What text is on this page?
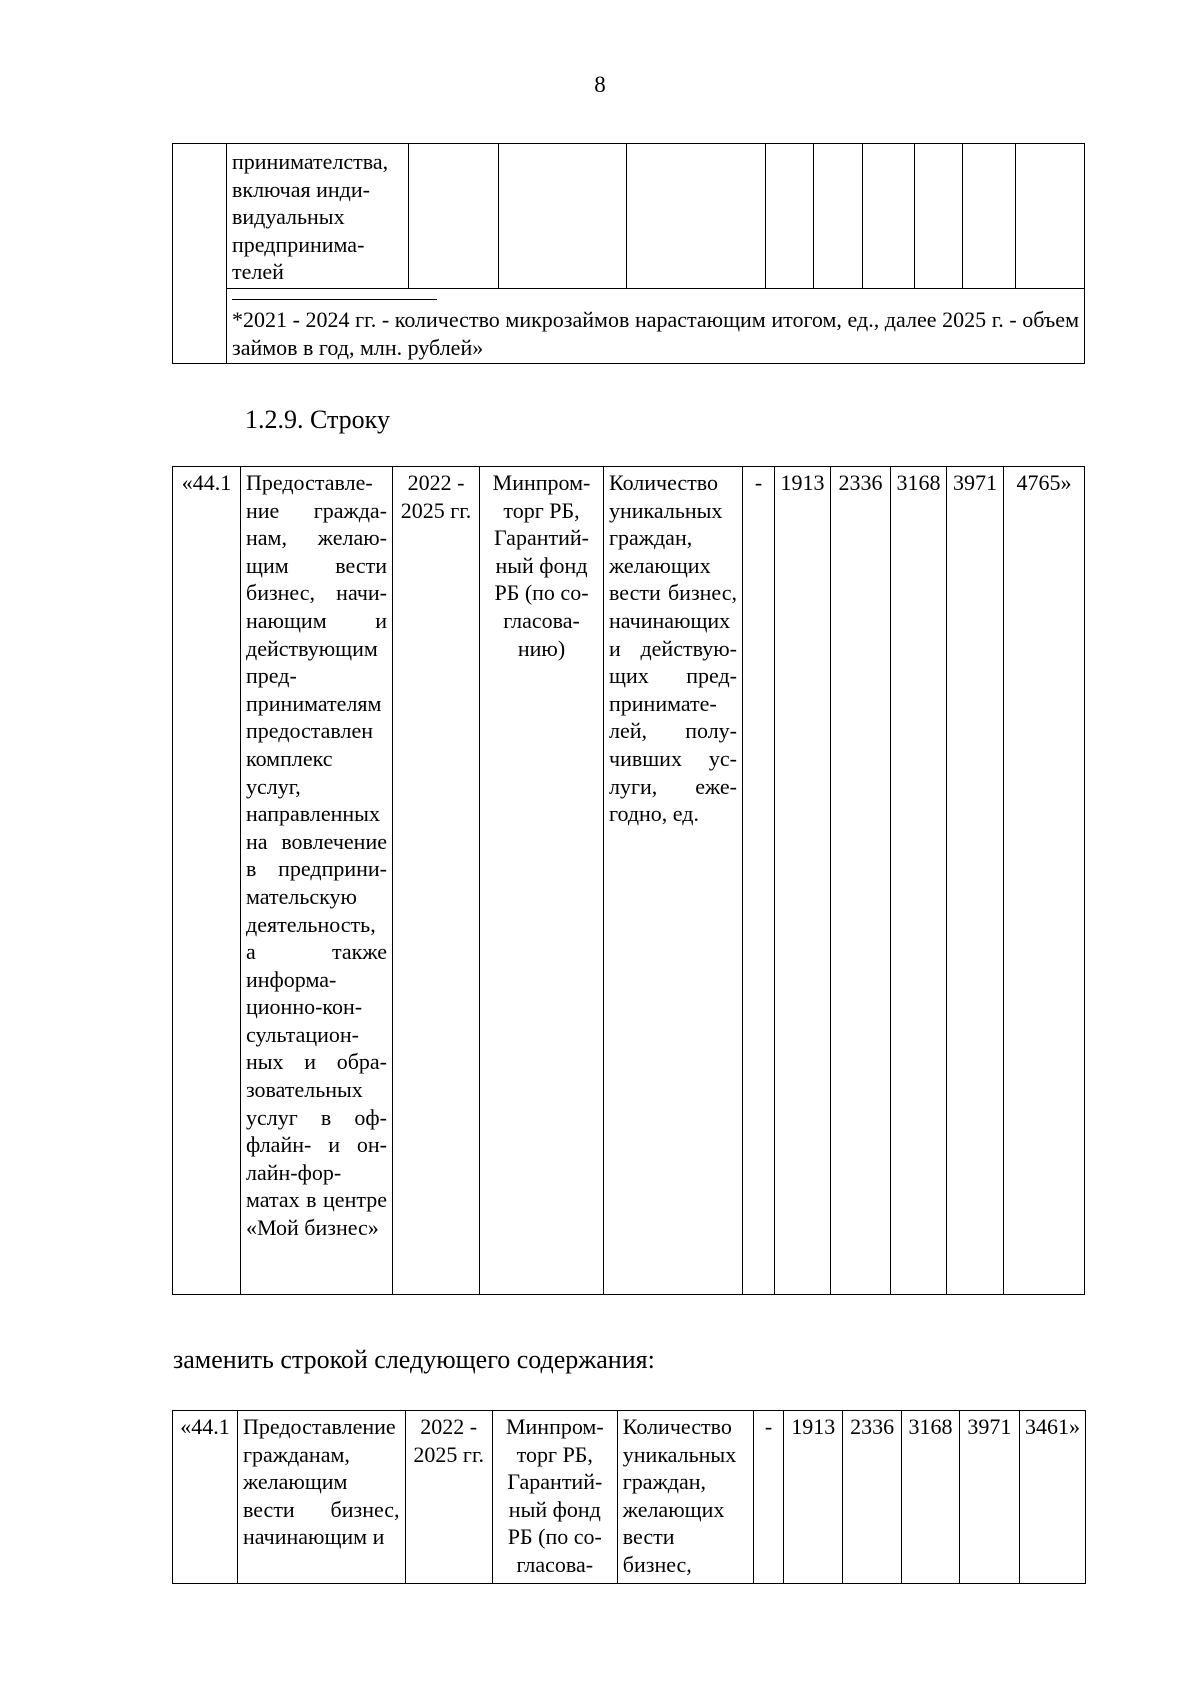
8

принимателства,
включая инди-
видуальных
предпринима-
телей

*2021 - 2024 гг. - количество микрозаймов нарастающим итогом, ед., далее 2025 г. - объем займов в год, млн. рублей»
1.2.9. Строку
«44.1	Предоставление граждaнам, желающим вести бизнес, начинающим и действующим предпринимателям предоставлен комплекс услуг, направленных на вовлечение в предпринимательскую деятельность, а также информационно-консультационных и образовательных услуг в оффлайн- и онлайн-форматах в центре «Мой бизнес»	2022 - 2025 гг.	Минпромторг РБ, Гарантийный фонд РБ (по согласованию)	Количество уникальных граждан, желающих вести бизнес, начинающих и действующих предпринимателей, получивших услуги, ежегодно, ед.	-	1913	2336	3168	3971	4765»
заменить строкой следующего содержания:
«44.1	Предоставление граждaнам, желающим вести бизнес, начинающим и	2022 - 2025 гг.	Минпромторг РБ, Гарантийный фонд РБ (по согласова-	Количество уникальных граждан, желающих вести бизнес,	-	1913	2336	3168	3971	3461»
